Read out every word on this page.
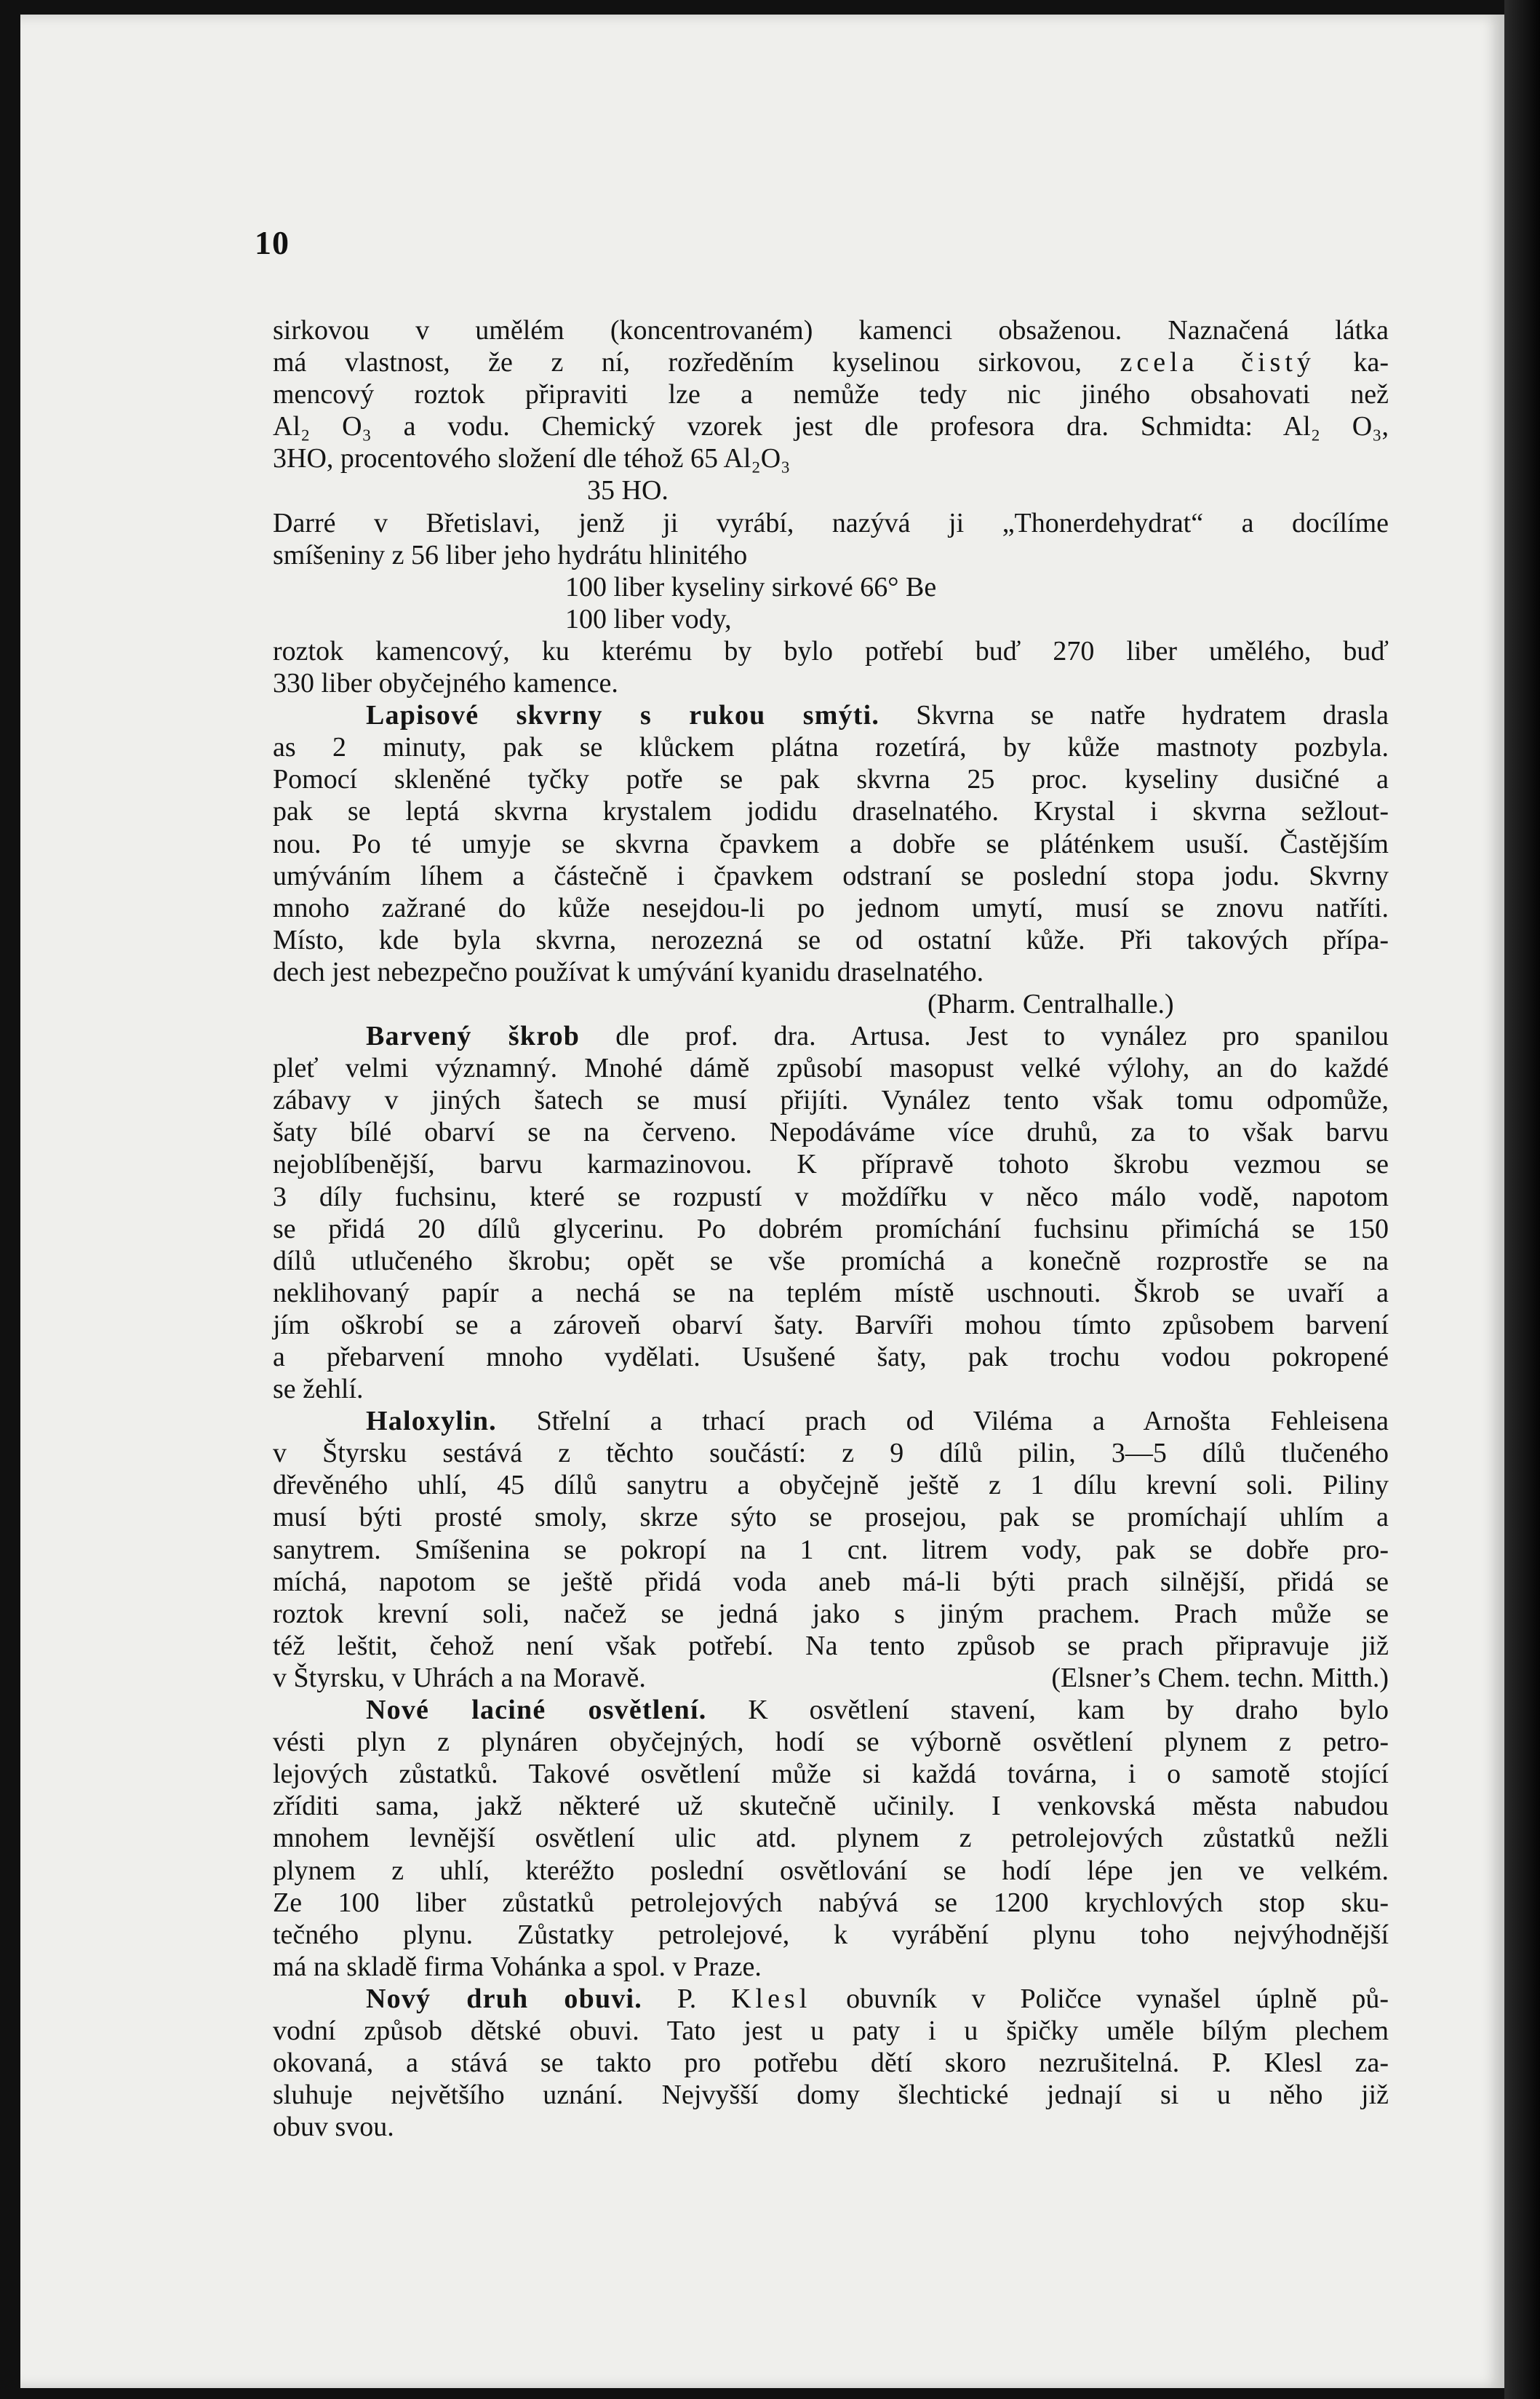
10
sirkovou v umělém (koncentrovaném) kamenci obsaženou. Naznačená látka
má vlastnost, že z ní, rozředěním kyselinou sirkovou, zcela čistý ka-
mencový roztok připraviti lze a nemůže tedy nic jiného obsahovati než
Al₂ O₃ a vodu. Chemický vzorek jest dle profesora dra. Schmidta: Al₂ O₃,
3HO, procentového složení dle téhož 65 Al₂O₃
35 HO.
Darré v Břetislavi, jenž ji vyrábí, nazývá ji „Thonerdehydrat“ a docílíme
smíšeniny z 56 liber jeho hydrátu hlinitého
100 liber kyseliny sirkové 66° Be
100 liber vody,
roztok kamencový, ku kterému by bylo potřebí buď 270 liber umělého, buď
330 liber obyčejného kamence.
Lapisové skvrny s rukou smýti. Skvrna se natře hydratem drasla
as 2 minuty, pak se klůckem plátna rozetírá, by kůže mastnoty pozbyla.
Pomocí skleněné tyčky potře se pak skvrna 25 proc. kyseliny dusičné a
pak se leptá skvrna krystalem jodidu draselnatého. Krystal i skvrna sežlout-
nou. Po té umyje se skvrna čpavkem a dobře se pláténkem usuší. Častějším
umýváním líhem a částečně i čpavkem odstraní se poslední stopa jodu. Skvrny
mnoho zažrané do kůže nesejdou-li po jednom umytí, musí se znovu natříti.
Místo, kde byla skvrna, nerozezná se od ostatní kůže. Při takových přípa-
dech jest nebezpečno používat k umývání kyanidu draselnatého.
(Pharm. Centralhalle.)
Barvený škrob dle prof. dra. Artusa. Jest to vynález pro spanilou
pleť velmi významný. Mnohé dámě způsobí masopust velké výlohy, an do každé
zábavy v jiných šatech se musí přijíti. Vynález tento však tomu odpomůže,
šaty bílé obarví se na červeno. Nepodáváme více druhů, za to však barvu
nejoblíbenější, barvu karmazinovou. K přípravě tohoto škrobu vezmou se
3 díly fuchsinu, které se rozpustí v moždířku v něco málo vodě, napotom
se přidá 20 dílů glycerinu. Po dobrém promíchání fuchsinu přimíchá se 150
dílů utlučeného škrobu; opět se vše promíchá a konečně rozprostře se na
neklihovaný papír a nechá se na teplém místě uschnouti. Škrob se uvaří a
jím oškrobí se a zároveň obarví šaty. Barvíři mohou tímto způsobem barvení
a přebarvení mnoho vydělati. Usušené šaty, pak trochu vodou pokropené
se žehlí.
Haloxylin. Střelní a trhací prach od Viléma a Arnošta Fehleisena
v Štyrsku sestává z těchto součástí: z 9 dílů pilin, 3—5 dílů tlučeného
dřevěného uhlí, 45 dílů sanytru a obyčejně ještě z 1 dílu krevní soli. Piliny
musí býti prosté smoly, skrze sýto se prosejou, pak se promíchají uhlím a
sanytrem. Smíšenina se pokropí na 1 cnt. litrem vody, pak se dobře pro-
míchá, napotom se ještě přidá voda aneb má-li býti prach silnější, přidá se
roztok krevní soli, načež se jedná jako s jiným prachem. Prach může se
též leštit, čehož není však potřebí. Na tento způsob se prach připravuje již
v Štyrsku, v Uhrách a na Moravě.	(Elsner’s Chem. techn. Mitth.)
Nové laciné osvětlení. K osvětlení stavení, kam by draho bylo
vésti plyn z plynáren obyčejných, hodí se výborně osvětlení plynem z petro-
lejových zůstatků. Takové osvětlení může si každá továrna, i o samotě stojící
zříditi sama, jakž některé už skutečně učinily. I venkovská města nabudou
mnohem levnější osvětlení ulic atd. plynem z petrolejových zůstatků nežli
plynem z uhlí, kteréžto poslední osvětlování se hodí lépe jen ve velkém.
Ze 100 liber zůstatků petrolejových nabývá se 1200 krychlových stop sku-
tečného plynu. Zůstatky petrolejové, k vyrábění plynu toho nejvýhodnější
má na skladě firma Vohánka a spol. v Praze.
Nový druh obuvi. P. Klesl obuvník v Poličce vynašel úplně pů-
vodní způsob dětské obuvi. Tato jest u paty i u špičky uměle bílým plechem
okovaná, a stává se takto pro potřebu dětí skoro nezrušitelná. P. Klesl za-
sluhuje největšího uznání. Nejvyšší domy šlechtické jednají si u něho již
obuv svou.
